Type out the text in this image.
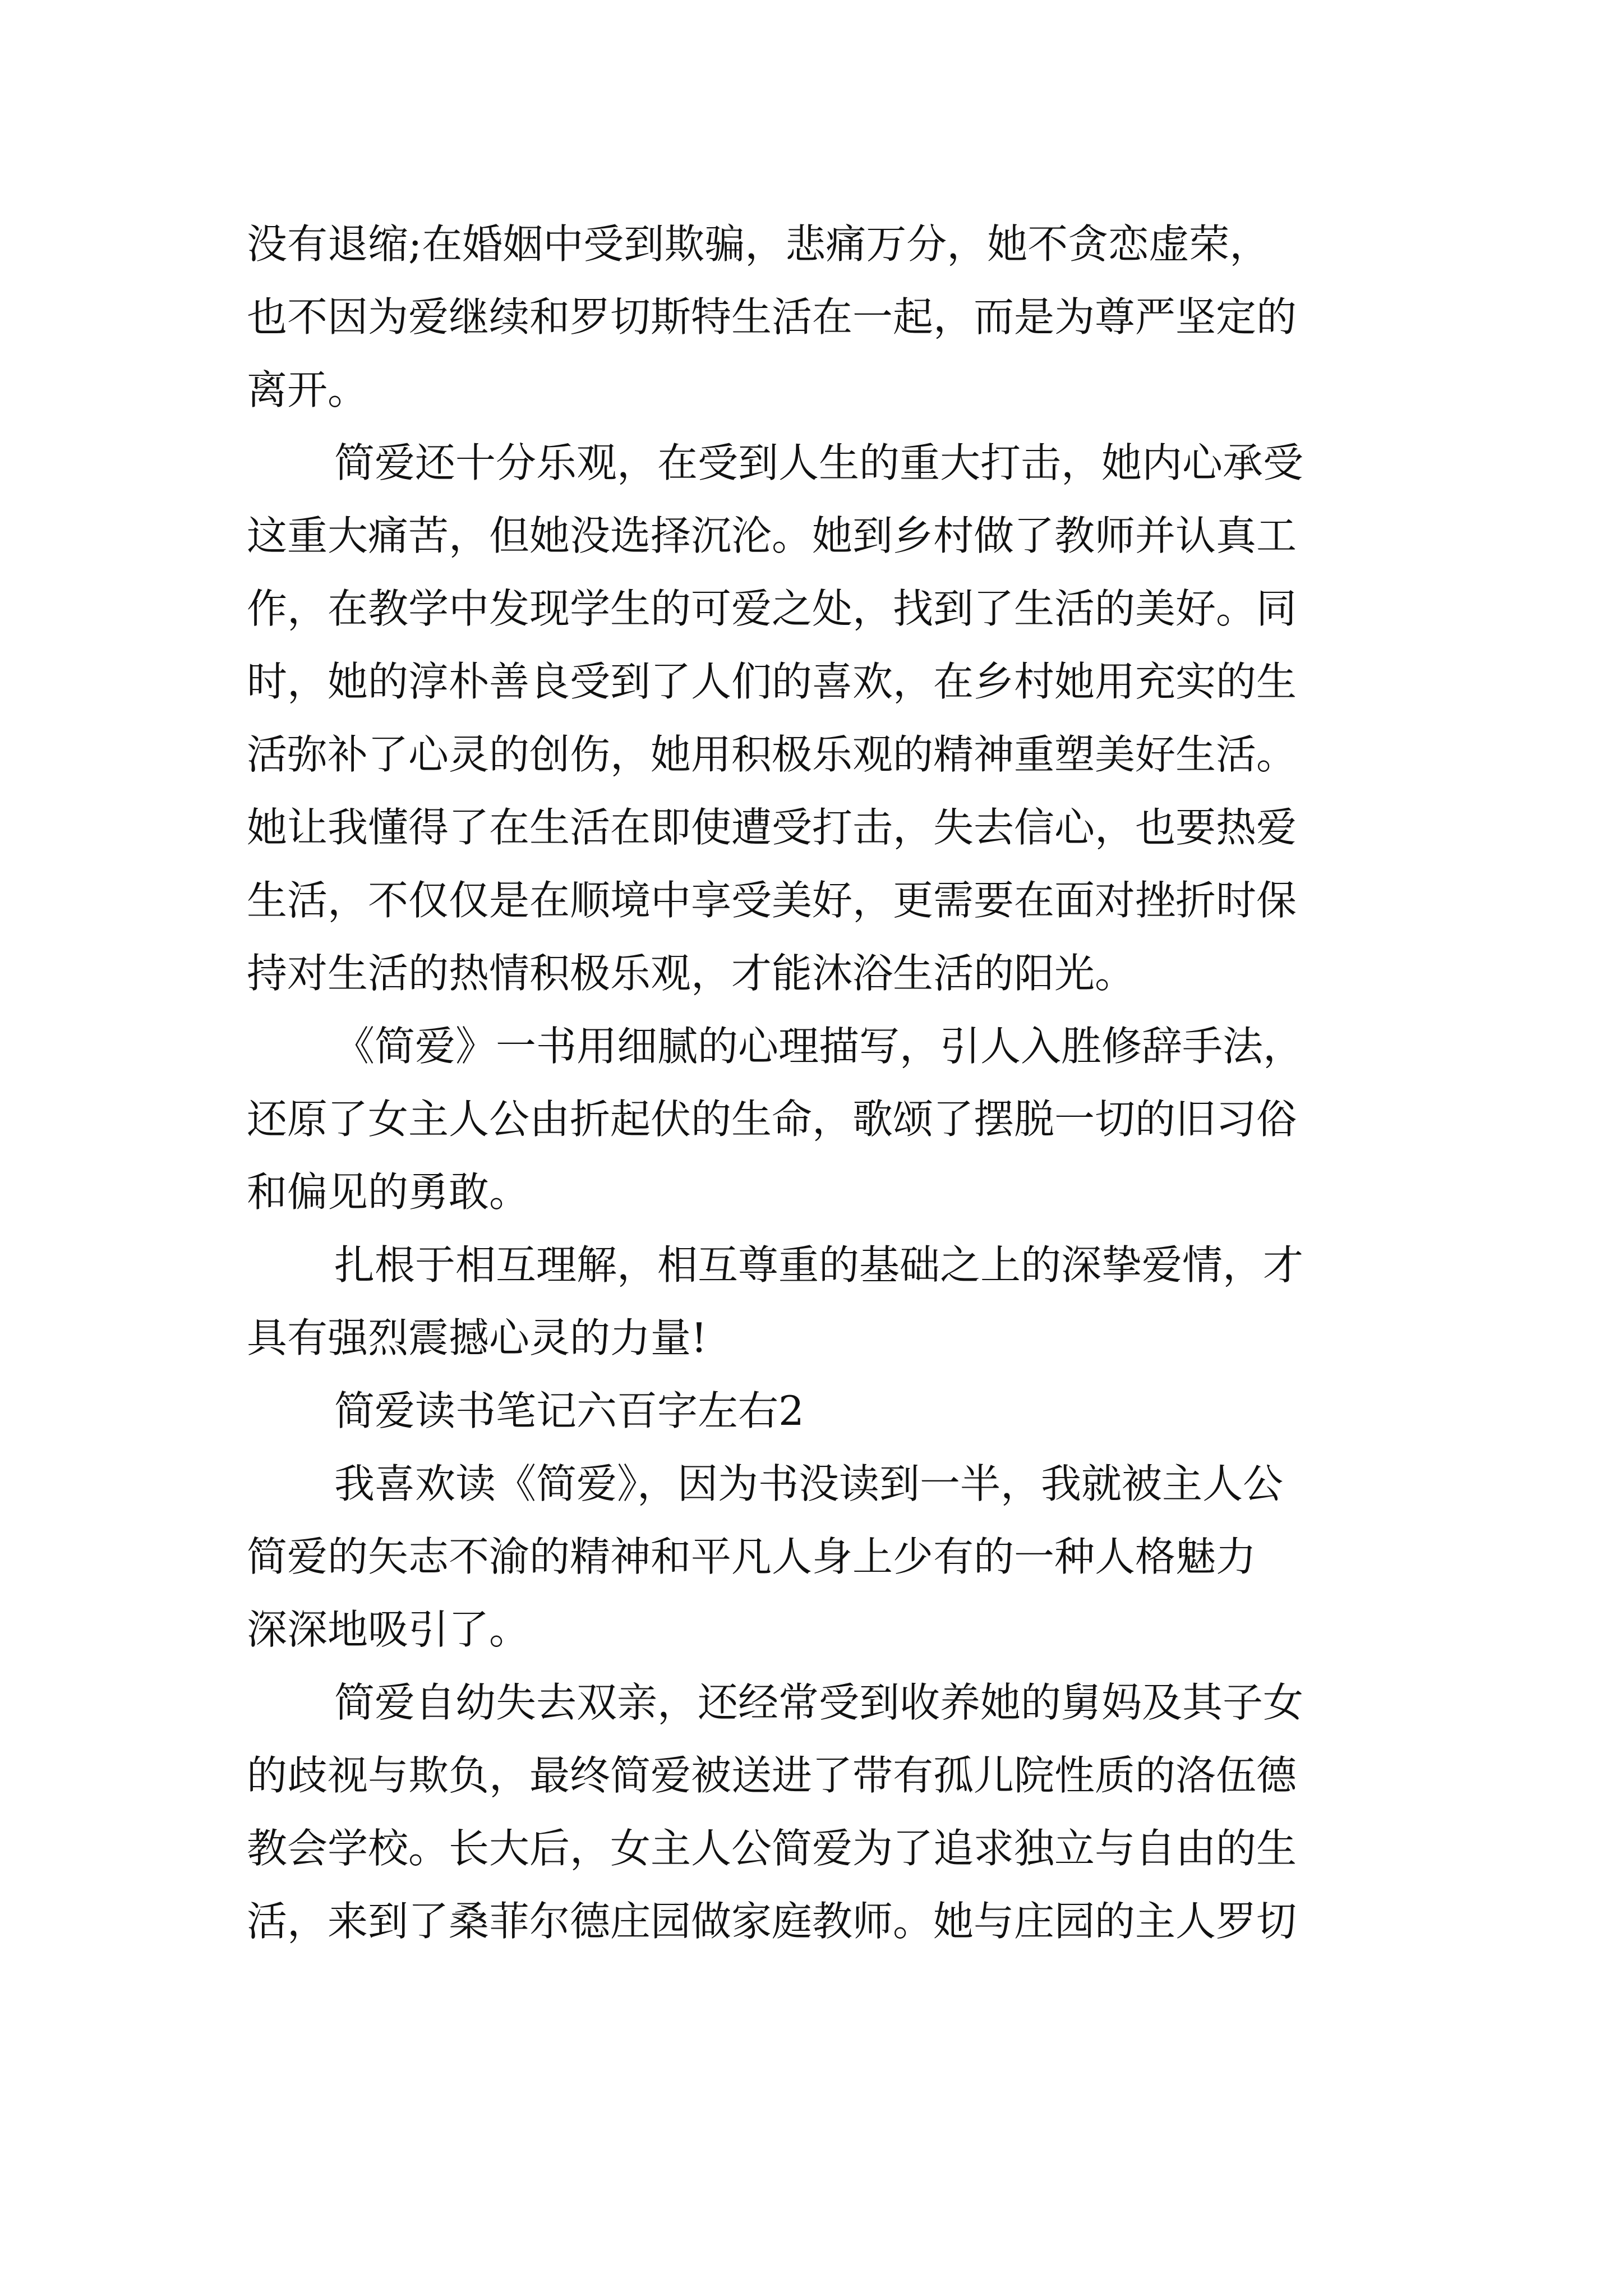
没有退缩;在婚姻中受到欺骗，悲痛万分，她不贪恋虚荣，
也不因为爱继续和罗切斯特生活在一起，而是为尊严坚定的
离开。
简爱还十分乐观，在受到人生的重大打击，她内心承受
这重大痛苦，但她没选择沉沦。她到乡村做了教师并认真工
作，在教学中发现学生的可爱之处，找到了生活的美好。同
时，她的淳朴善良受到了人们的喜欢，在乡村她用充实的生
活弥补了心灵的创伤，她用积极乐观的精神重塑美好生活。
她让我懂得了在生活在即使遭受打击，失去信心，也要热爱
生活，不仅仅是在顺境中享受美好，更需要在面对挫折时保
持对生活的热情积极乐观，才能沐浴生活的阳光。
《简爱》一书用细腻的心理描写，引人入胜修辞手法，
还原了女主人公由折起伏的生命，歌颂了摆脱一切的旧习俗
和偏见的勇敢。
扎根于相互理解，相互尊重的基础之上的深挚爱情，才
具有强烈震撼心灵的力量!
简爱读书笔记六百字左右2
我喜欢读《简爱》，因为书没读到一半，我就被主人公
简爱的矢志不渝的精神和平凡人身上少有的一种人格魅力
深深地吸引了。
简爱自幼失去双亲，还经常受到收养她的舅妈及其子女
的歧视与欺负，最终简爱被送进了带有孤儿院性质的洛伍德
教会学校。长大后，女主人公简爱为了追求独立与自由的生
活，来到了桑菲尔德庄园做家庭教师。她与庄园的主人罗切
